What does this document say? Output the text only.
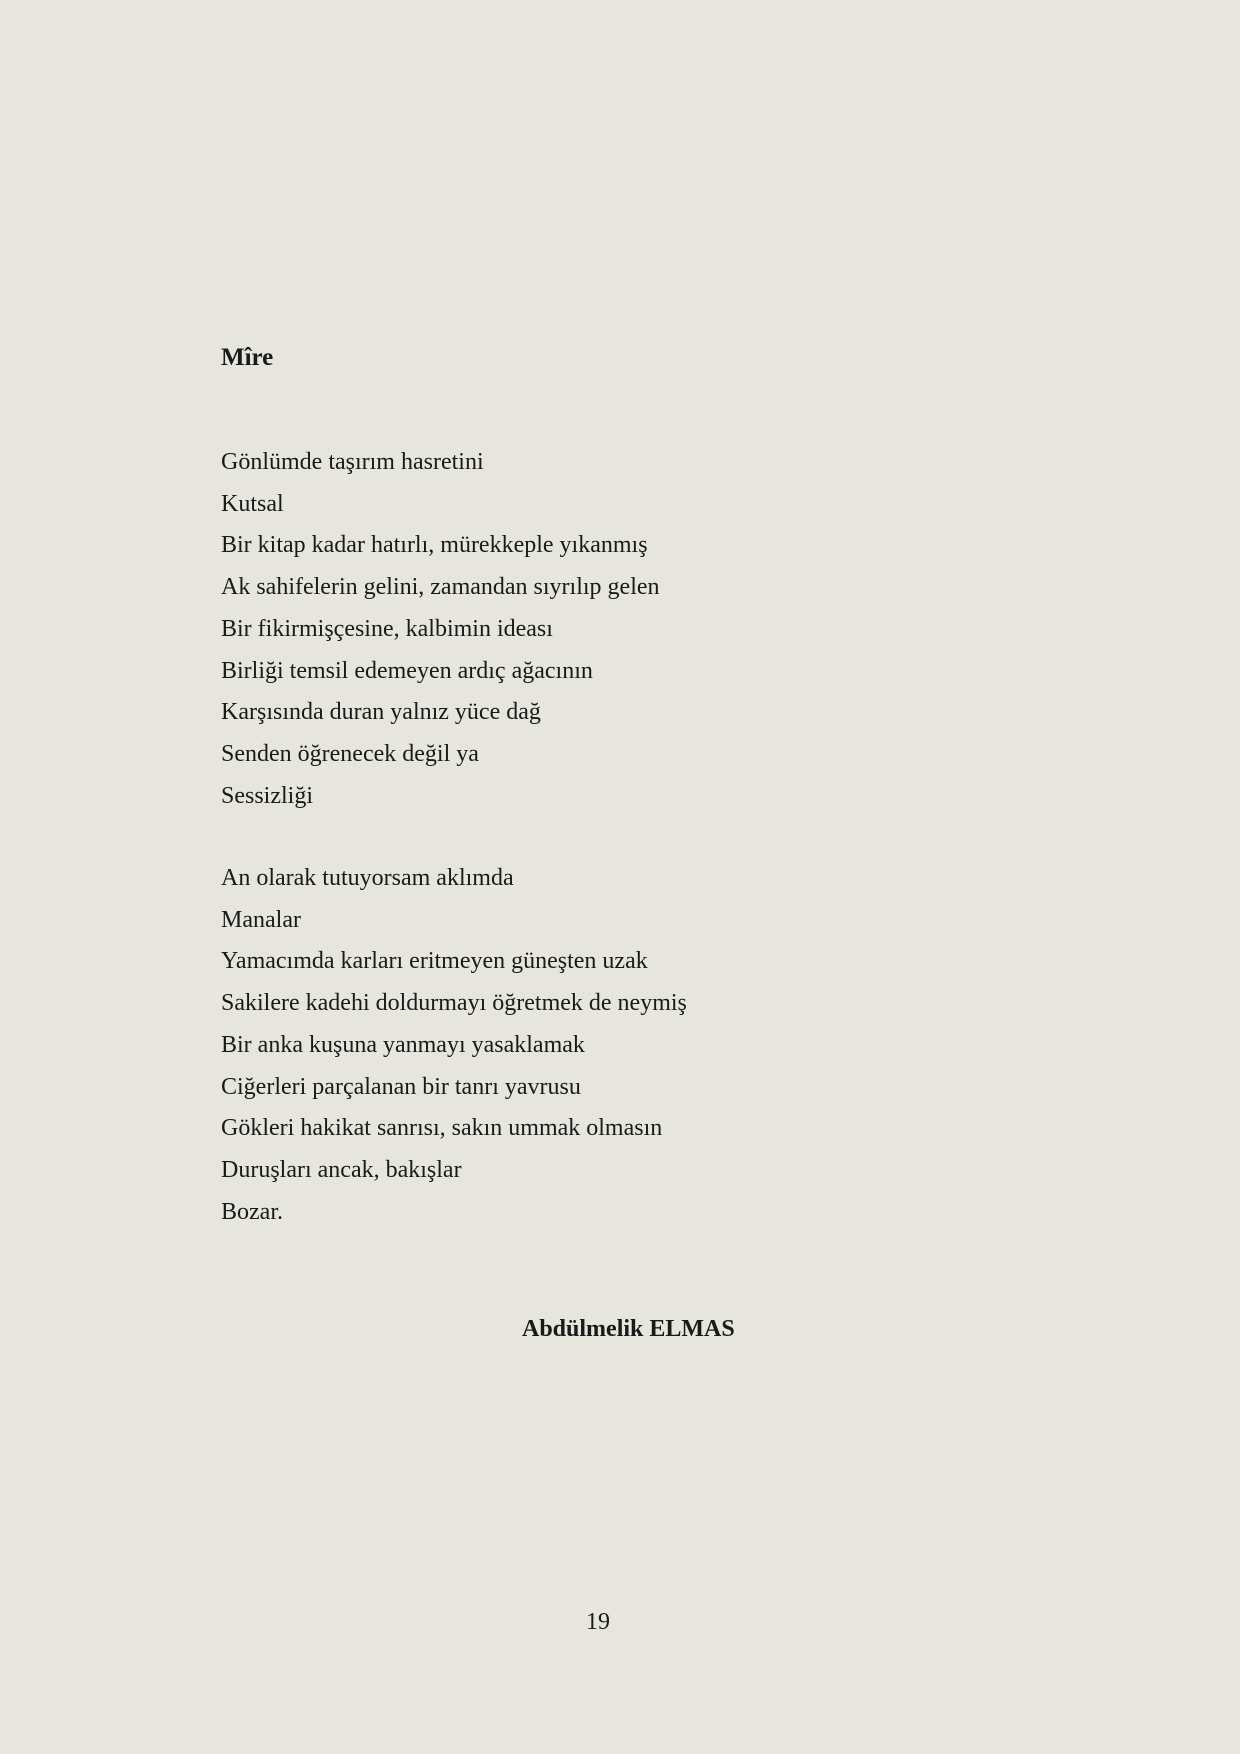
Mîre
Gönlümde taşırım hasretini
Kutsal
Bir kitap kadar hatırlı, mürekkeple yıkanmış
Ak sahifelerin gelini, zamandan sıyrılıp gelen
Bir fikirmişçesine, kalbimin ideası
Birliği temsil edemeyen ardıç ağacının
Karşısında duran yalnız yüce dağ
Senden öğrenecek değil ya
Sessizliği
An olarak tutuyorsam aklımda
Manalar
Yamacımda karları eritmeyen güneşten uzak
Sakilere kadehi doldurmayı öğretmek de neymiş
Bir anka kuşuna yanmayı yasaklamak
Ciğerleri parçalanan bir tanrı yavrusu
Gökleri hakikat sanrısı, sakın ummak olmasın
Duruşları ancak, bakışlar
Bozar.

Abdülmelik ELMAS

19
